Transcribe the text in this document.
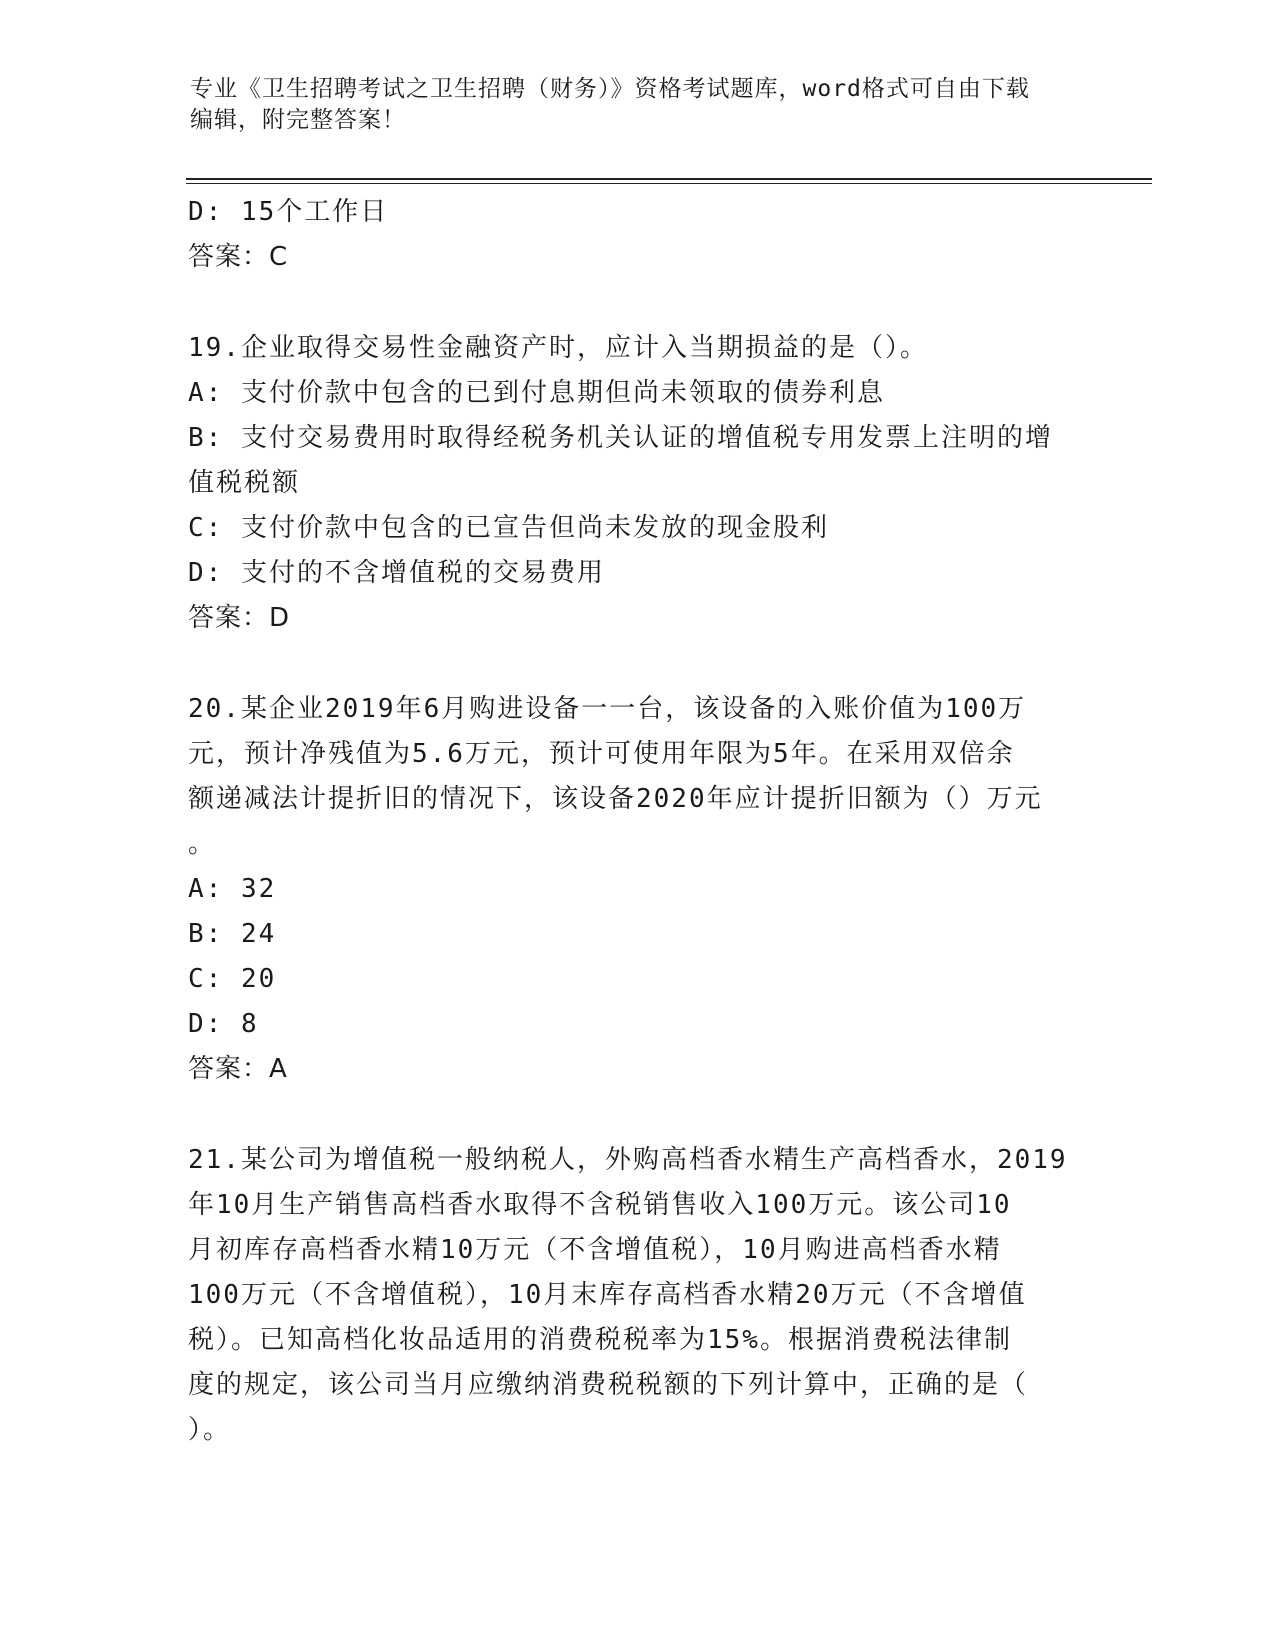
专业《卫生招聘考试之卫生招聘（财务）》资格考试题库，word格式可自由下载
编辑，附完整答案！
D: 15个工作日
答案：C
19.企业取得交易性金融资产时，应计入当期损益的是（）。
A: 支付价款中包含的已到付息期但尚未领取的债券利息
B: 支付交易费用时取得经税务机关认证的增值税专用发票上注明的增
值税税额
C: 支付价款中包含的已宣告但尚未发放的现金股利
D: 支付的不含增值税的交易费用
答案：D
20.某企业2019年6月购进设备一一台，该设备的入账价值为100万
元，预计净残值为5.6万元，预计可使用年限为5年。在采用双倍余
额递减法计提折旧的情况下，该设备2020年应计提折旧额为（）万元
。
A: 32
B: 24
C: 20
D: 8
答案：A
21.某公司为增值税一般纳税人，外购高档香水精生产高档香水，2019
年10月生产销售高档香水取得不含税销售收入100万元。该公司10
月初库存高档香水精10万元（不含增值税），10月购进高档香水精
100万元（不含增值税），10月末库存高档香水精20万元（不含增值
税）。已知高档化妆品适用的消费税税率为15%。根据消费税法律制
度的规定，该公司当月应缴纳消费税税额的下列计算中，正确的是（
）。
